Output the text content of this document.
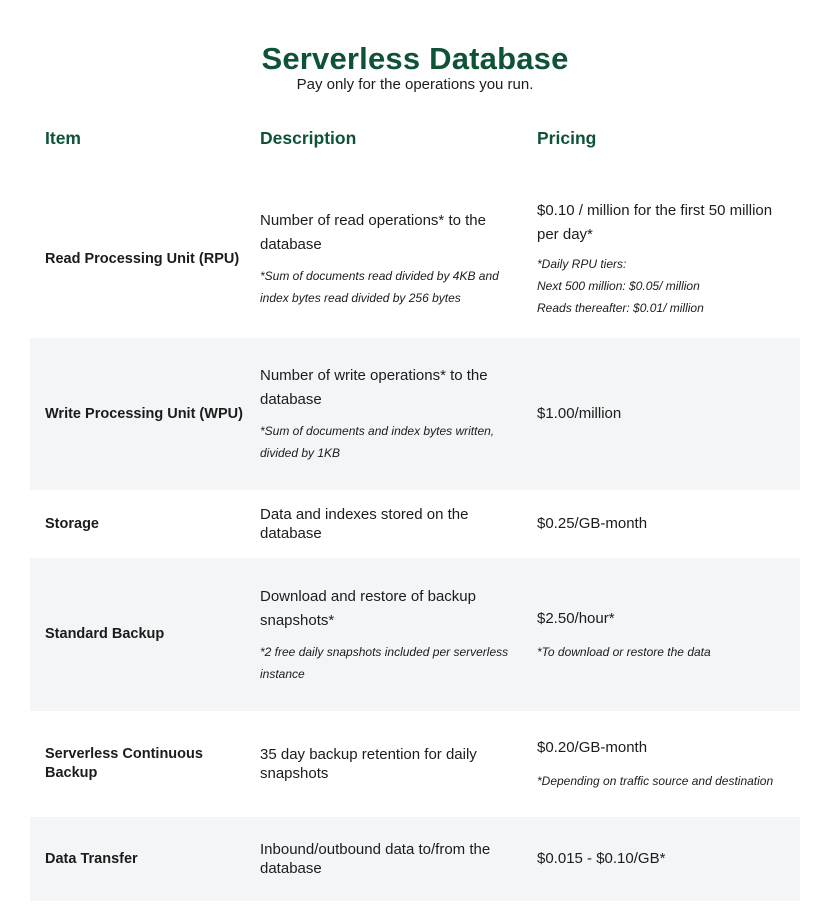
Serverless Database
Pay only for the operations you run.
Item	Description	Pricing
Read Processing Unit (RPU)
Number of read operations* to the database
*Sum of documents read divided by 4KB and index bytes read divided by 256 bytes
$0.10 / million for the first 50 million per day*
*Daily RPU tiers:
Next 500 million: $0.05/ million
Reads thereafter: $0.01/ million
Write Processing Unit (WPU)
Number of write operations* to the database
*Sum of documents and index bytes written, divided by 1KB
$1.00/million
Storage
Data and indexes stored on the database
$0.25/GB-month
Standard Backup
Download and restore of backup snapshots*
*2 free daily snapshots included per serverless instance
$2.50/hour*
*To download or restore the data
Serverless Continuous Backup
35 day backup retention for daily snapshots
$0.20/GB-month
*Depending on traffic source and destination
Data Transfer
Inbound/outbound data to/from the database
$0.015 - $0.10/GB*
